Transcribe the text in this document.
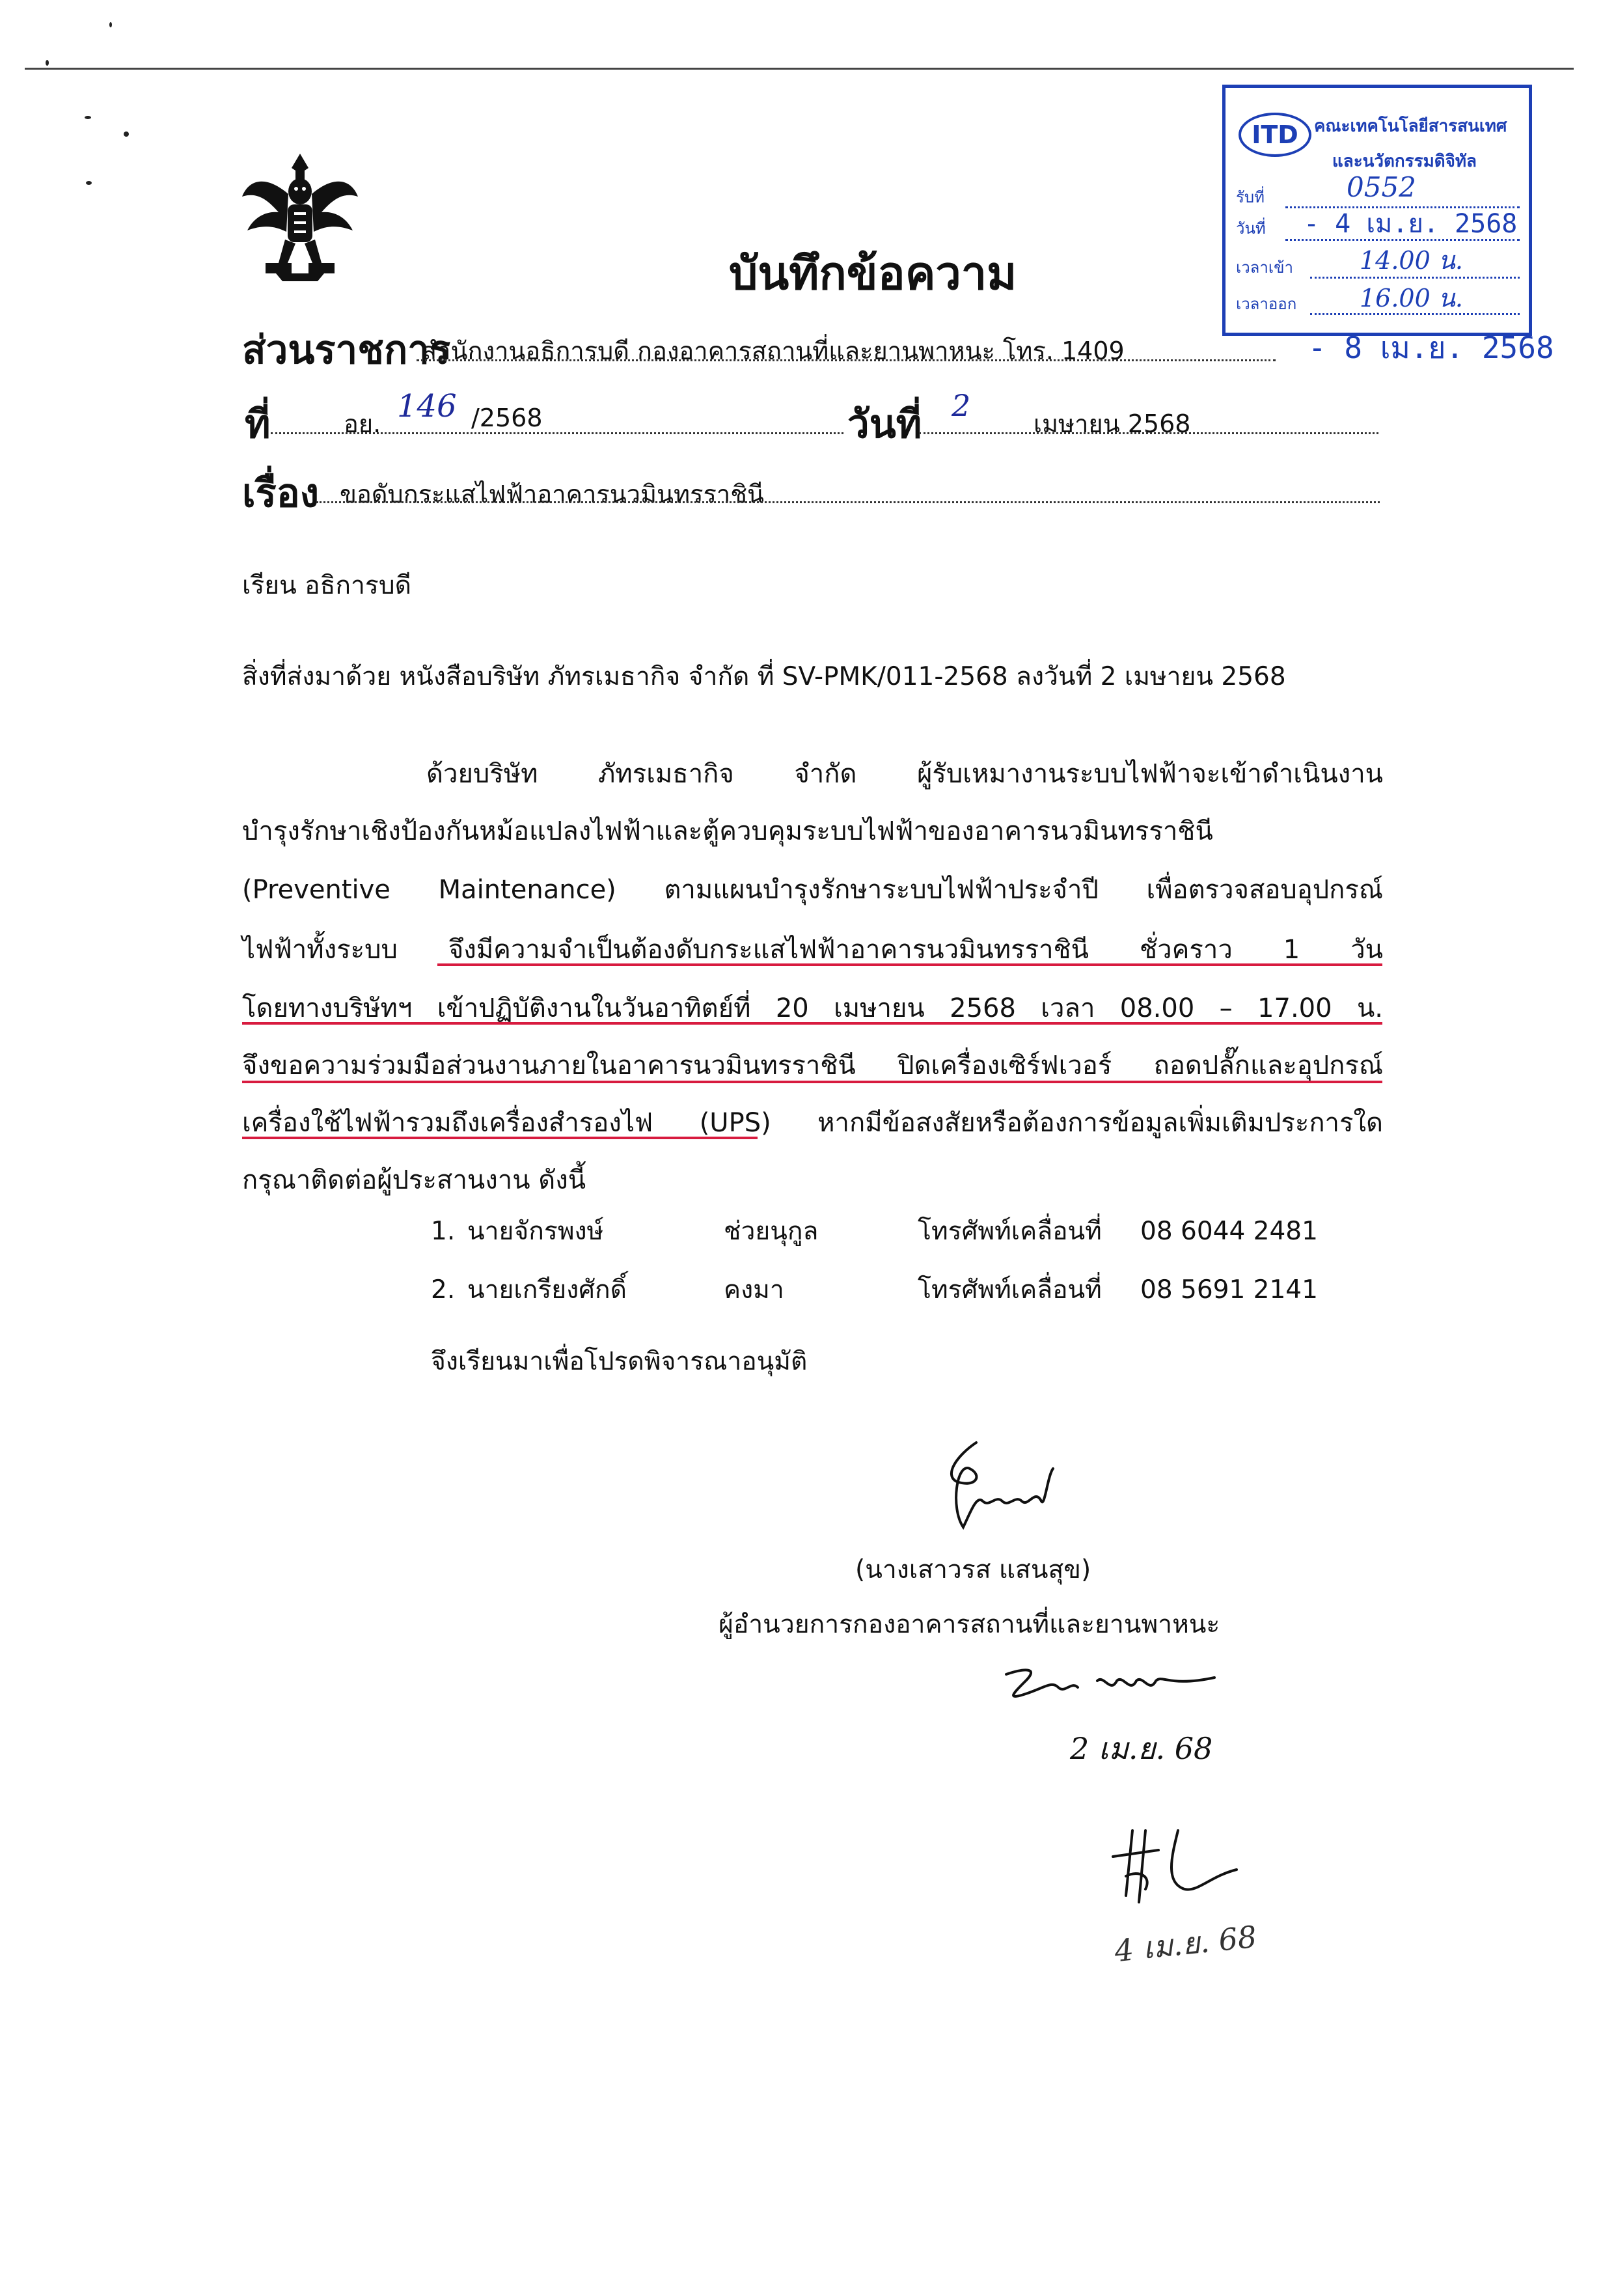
บันทึกข้อความ
ITD คณะเทคโนโลยีสารสนเทศ
และนวัตกรรมดิจิทัล
รับที่	0552
วันที่ - 4 เม.ย. 2568
เวลาเข้า	14.00 น.
เวลาออก	16.00 น.
- 8 เม.ย. 2568
ส่วนราชการ
สำนักงานอธิการบดี กองอาคารสถานที่และยานพาหนะ โทร. 1409
ที่	อย. 146 /2568	วันที่ 2
เมษายน 2568
เรื่อง ขอดับกระแสไฟฟ้าอาคารนวมินทรราชินี
เรียน อธิการบดี
สิ่งที่ส่งมาด้วย หนังสือบริษัท ภัทรเมธากิจ จำกัด ที่ SV-PMK/011-2568 ลงวันที่ 2 เมษายน 2568
ด้วยบริษัท ภัทรเมธากิจ จำกัด ผู้รับเหมางานระบบไฟฟ้าจะเข้าดำเนินงาน
บำรุงรักษาเชิงป้องกันหม้อแปลงไฟฟ้าและตู้ควบคุมระบบไฟฟ้าของอาคารนวมินทรราชินี
(Preventive Maintenance) ตามแผนบำรุงรักษาระบบไฟฟ้าประจำปี เพื่อตรวจสอบอุปกรณ์
ไฟฟ้าทั้งระบบ จึงมีความจำเป็นต้องดับกระแสไฟฟ้าอาคารนวมินทรราชินี ชั่วคราว 1 วัน
โดยทางบริษัทฯ เข้าปฏิบัติงานในวันอาทิตย์ที่ 20 เมษายน 2568 เวลา 08.00 – 17.00 น.
จึงขอความร่วมมือส่วนงานภายในอาคารนวมินทรราชินี ปิดเครื่องเซิร์ฟเวอร์ ถอดปลั๊กและอุปกรณ์
เครื่องใช้ไฟฟ้ารวมถึงเครื่องสำรองไฟ (UPS) หากมีข้อสงสัยหรือต้องการข้อมูลเพิ่มเติมประการใด
กรุณาติดต่อผู้ประสานงาน ดังนี้
1. นายจักรพงษ์	ช่วยนุกูล	โทรศัพท์เคลื่อนที่ 08 6044 2481
2. นายเกรียงศักดิ์	คงมา	โทรศัพท์เคลื่อนที่ 08 5691 2141
จึงเรียนมาเพื่อโปรดพิจารณาอนุมัติ
(นางเสาวรส แสนสุข)
ผู้อำนวยการกองอาคารสถานที่และยานพาหนะ
2 เม.ย. 68
4 เม.ย. 68
